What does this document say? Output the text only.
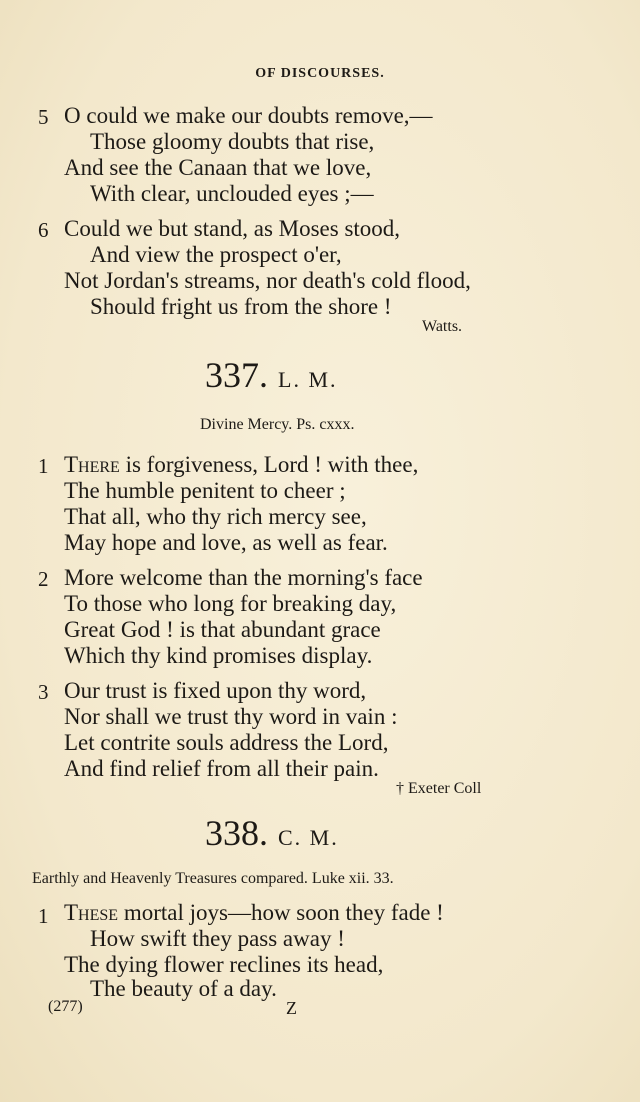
OF DISCOURSES.
5 O could we make our doubts remove,—
Those gloomy doubts that rise,
And see the Canaan that we love,
With clear, unclouded eyes ;—
6 Could we but stand, as Moses stood,
And view the prospect o'er,
Not Jordan's streams, nor death's cold flood,
Should fright us from the shore !
Watts.
337. L. M.
Divine Mercy. Ps. cxxx.
1 There is forgiveness, Lord ! with thee,
The humble penitent to cheer ;
That all, who thy rich mercy see,
May hope and love, as well as fear.
2 More welcome than the morning's face
To those who long for breaking day,
Great God ! is that abundant grace
Which thy kind promises display.
3 Our trust is fixed upon thy word,
Nor shall we trust thy word in vain :
Let contrite souls address the Lord,
And find relief from all their pain.
† Exeter Coll
338. C. M.
Earthly and Heavenly Treasures compared. Luke xii. 33.
1 These mortal joys—how soon they fade !
How swift they pass away !
The dying flower reclines its head,
The beauty of a day.
(277)	Z
